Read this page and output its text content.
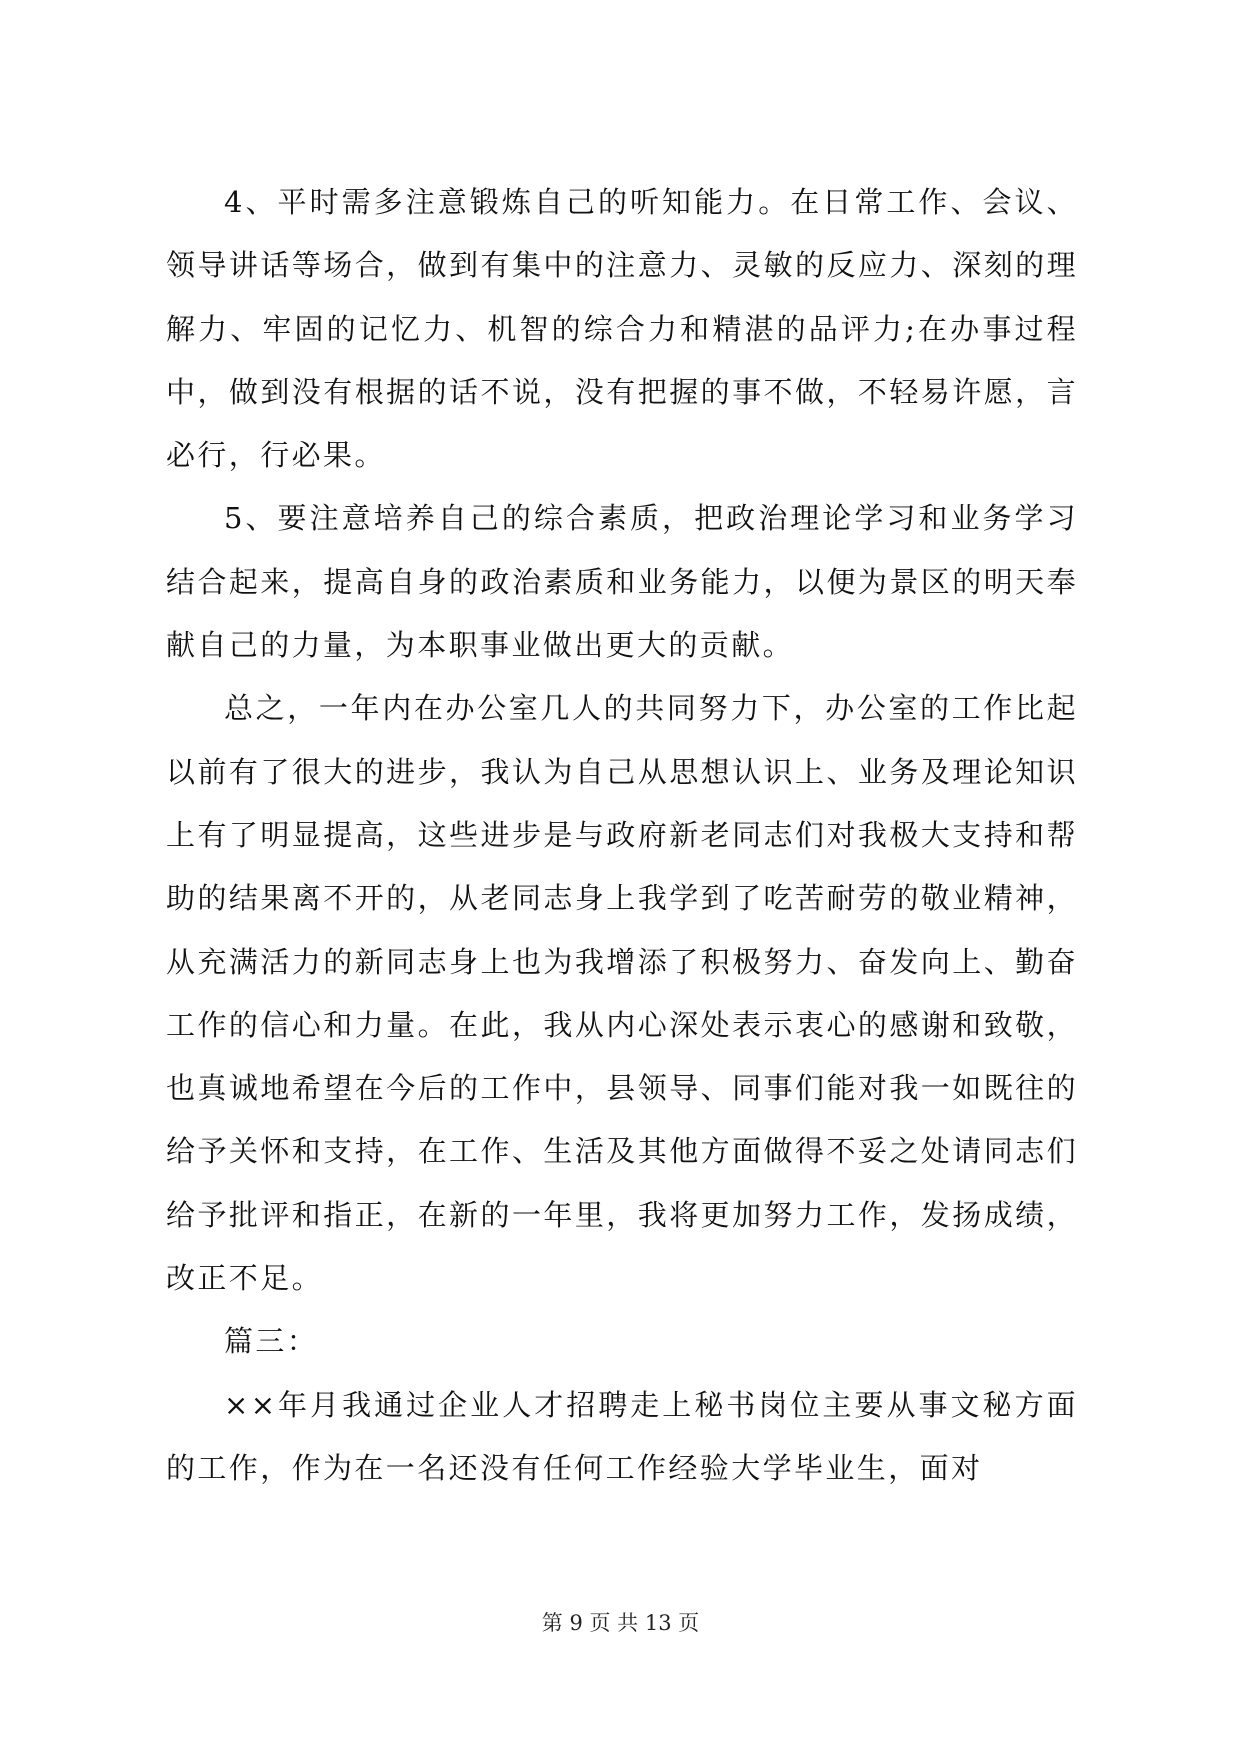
4、平时需多注意锻炼自己的听知能力。在日常工作、会议、领导讲话等场合，做到有集中的注意力、灵敏的反应力、深刻的理解力、牢固的记忆力、机智的综合力和精湛的品评力;在办事过程中，做到没有根据的话不说，没有把握的事不做，不轻易许愿，言必行，行必果。

5、要注意培养自己的综合素质，把政治理论学习和业务学习结合起来，提高自身的政治素质和业务能力，以便为景区的明天奉献自己的力量，为本职事业做出更大的贡献。

总之，一年内在办公室几人的共同努力下，办公室的工作比起以前有了很大的进步，我认为自己从思想认识上、业务及理论知识上有了明显提高，这些进步是与政府新老同志们对我极大支持和帮助的结果离不开的，从老同志身上我学到了吃苦耐劳的敬业精神，从充满活力的新同志身上也为我增添了积极努力、奋发向上、勤奋工作的信心和力量。在此，我从内心深处表示衷心的感谢和致敬，也真诚地希望在今后的工作中，县领导、同事们能对我一如既往的给予关怀和支持，在工作、生活及其他方面做得不妥之处请同志们给予批评和指正，在新的一年里，我将更加努力工作，发扬成绩，改正不足。

篇三：

××年月我通过企业人才招聘走上秘书岗位主要从事文秘方面的工作，作为在一名还没有任何工作经验大学毕业生，面对

第 9 页 共 13 页
